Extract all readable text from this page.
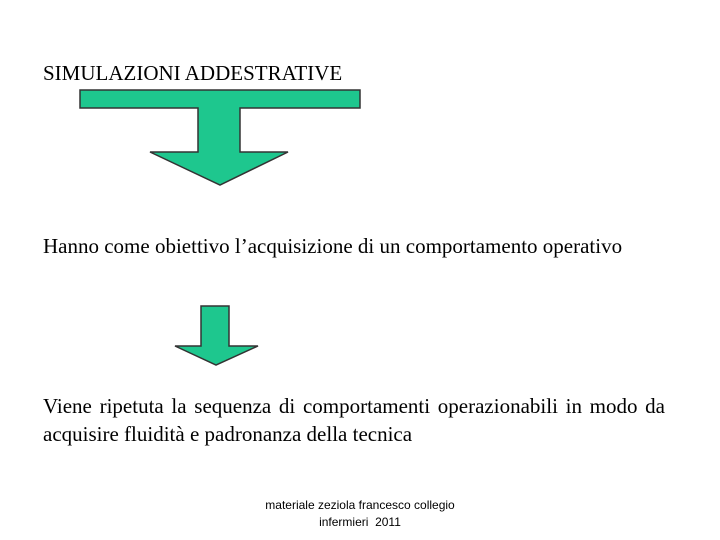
SIMULAZIONI ADDESTRATIVE
Hanno come obiettivo l’acquisizione di un comportamento operativo
Viene ripetuta la sequenza di comportamenti operazionabili in modo da acquisire fluidità e padronanza della tecnica
materiale zeziola francesco collegio
infermieri  2011
